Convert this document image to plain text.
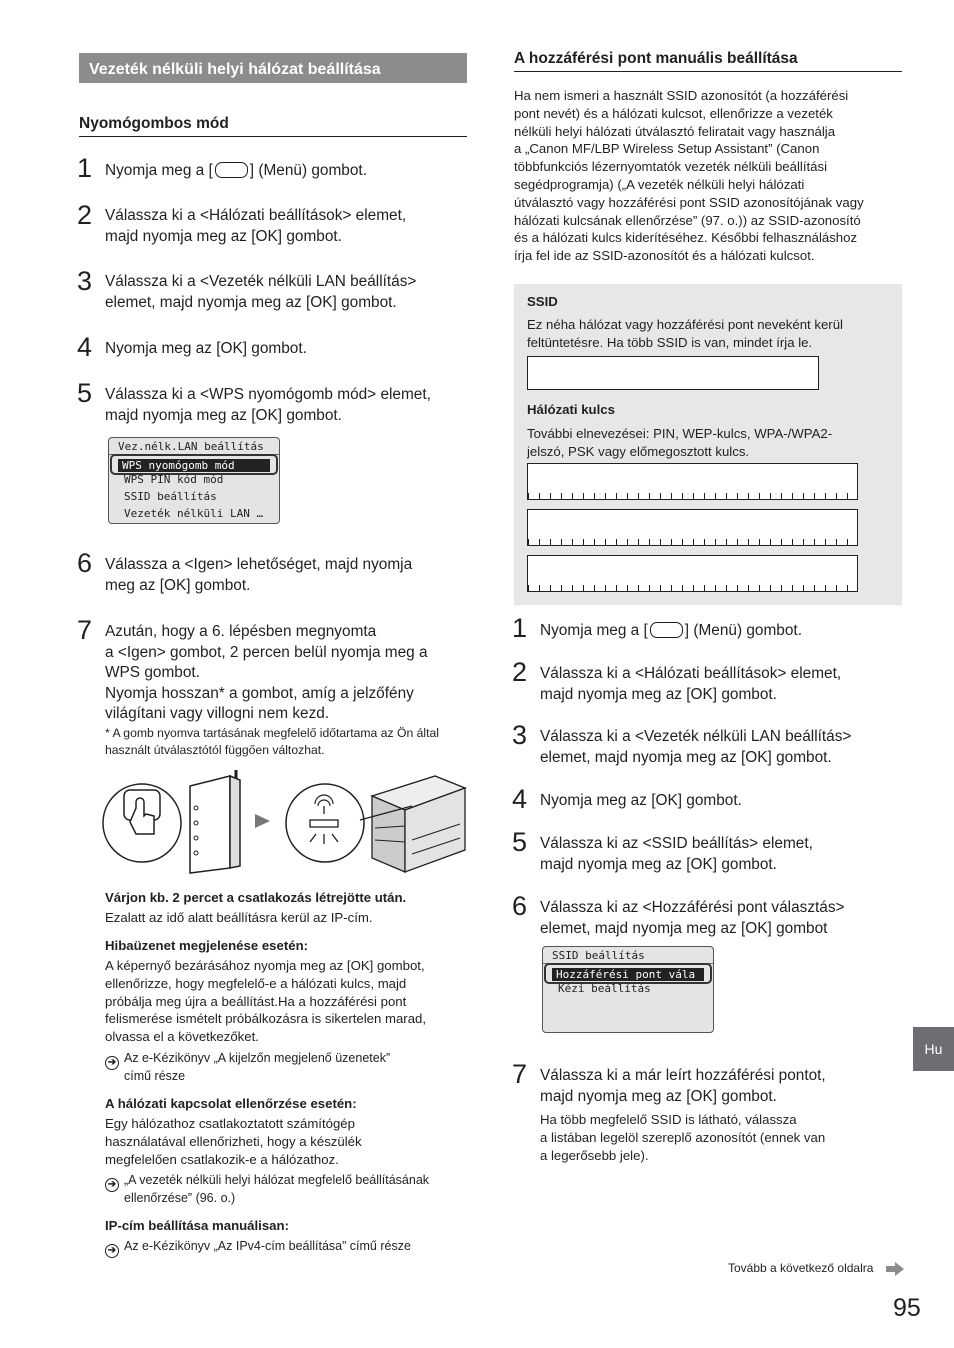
Vezeték nélküli helyi hálózat beállítása
Nyomógombos mód
1 Nyomja meg a [ ] (Menü) gombot.
2 Válassza ki a <Hálózati beállítások> elemet,
majd nyomja meg az [OK] gombot.
3 Válassza ki a <Vezeték nélküli LAN beállítás>
elemet, majd nyomja meg az [OK] gombot.
4 Nyomja meg az [OK] gombot.
5 Válassza ki a <WPS nyomógomb mód> elemet,
majd nyomja meg az [OK] gombot.
Vez.nélk.LAN beállítás
WPS nyomógomb mód
WPS PIN kód mód
SSID beállítás
Vezeték nélküli LAN …
6 Válassza a <Igen> lehetőséget, majd nyomja
meg az [OK] gombot.
7 Azután, hogy a 6. lépésben megnyomta
a <Igen> gombot, 2 percen belül nyomja meg a
WPS gombot.
Nyomja hosszan* a gombot, amíg a jelzőfény
világítani vagy villogni nem kezd.
* A gomb nyomva tartásának megfelelő időtartama az Ön által
használt útválasztótól függően változhat.
Várjon kb. 2 percet a csatlakozás létrejötte után.
Ezalatt az idő alatt beállításra kerül az IP-cím.
Hibaüzenet megjelenése esetén:
A képernyő bezárásához nyomja meg az [OK] gombot,
ellenőrizze, hogy megfelelő-e a hálózati kulcs, majd
próbálja meg újra a beállítást.Ha a hozzáférési pont
felismerése ismételt próbálkozásra is sikertelen marad,
olvassa el a következőket.
➔ Az e-Kézikönyv „A kijelzőn megjelenő üzenetek”
című része
A hálózati kapcsolat ellenőrzése esetén:
Egy hálózathoz csatlakoztatott számítógép
használatával ellenőrizheti, hogy a készülék
megfelelően csatlakozik-e a hálózathoz.
➔ „A vezeték nélküli helyi hálózat megfelelő beállításának
ellenőrzése” (96. o.)
IP-cím beállítása manuálisan:
➔ Az e-Kézikönyv „Az IPv4-cím beállítása” című része
A hozzáférési pont manuális beállítása
Ha nem ismeri a használt SSID azonosítót (a hozzáférési
pont nevét) és a hálózati kulcsot, ellenőrizze a vezeték
nélküli helyi hálózati útválasztó feliratait vagy használja
a „Canon MF/LBP Wireless Setup Assistant” (Canon
többfunkciós lézernyomtatók vezeték nélküli beállítási
segédprogramja) („A vezeték nélküli helyi hálózati
útválasztó vagy hozzáférési pont SSID azonosítójának vagy
hálózati kulcsának ellenőrzése” (97. o.)) az SSID-azonosító
és a hálózati kulcs kiderítéséhez. Későbbi felhasználáshoz
írja fel ide az SSID-azonosítót és a hálózati kulcsot.
SSID
Ez néha hálózat vagy hozzáférési pont neveként kerül
feltüntetésre. Ha több SSID is van, mindet írja le.
Hálózati kulcs
További elnevezései: PIN, WEP-kulcs, WPA-/WPA2-
jelszó, PSK vagy előmegosztott kulcs.
1 Nyomja meg a [ ] (Menü) gombot.
2 Válassza ki a <Hálózati beállítások> elemet,
majd nyomja meg az [OK] gombot.
3 Válassza ki a <Vezeték nélküli LAN beállítás>
elemet, majd nyomja meg az [OK] gombot.
4 Nyomja meg az [OK] gombot.
5 Válassza ki az <SSID beállítás> elemet,
majd nyomja meg az [OK] gombot.
6 Válassza ki az <Hozzáférési pont választás>
elemet, majd nyomja meg az [OK] gombot
SSID beállítás
Hozzáférési pont vála
Kézi beállítás
7 Válassza ki a már leírt hozzáférési pontot,
majd nyomja meg az [OK] gombot.
Ha több megfelelő SSID is látható, válassza
a listában legelöl szereplő azonosítót (ennek van
a legerősebb jele).
Hu
Tovább a következő oldalra
95
